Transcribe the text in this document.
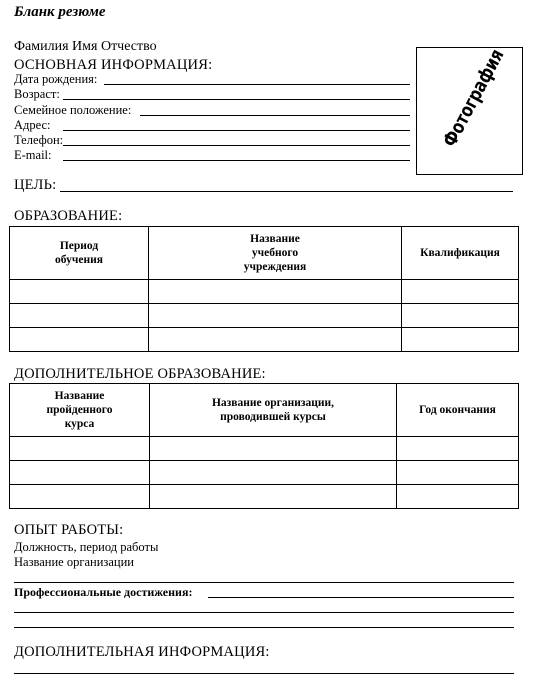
Бланк резюме
Фамилия Имя Отчество
ОСНОВНАЯ ИНФОРМАЦИЯ:
Дата рождения:
Возраст:
Семейное положение:
Адрес:
Телефон:
E-mail:
Фотография
ЦЕЛЬ:
ОБРАЗОВАНИЕ:
Период обучения	Название учебного учреждения	Квалификация

ДОПОЛНИТЕЛЬНОЕ ОБРАЗОВАНИЕ:
Название пройденного курса	Название организации, проводившей курсы	Год окончания

ОПЫТ РАБОТЫ:
Должность, период работы
Название организации
Профессиональные достижения:
ДОПОЛНИТЕЛЬНАЯ ИНФОРМАЦИЯ:
